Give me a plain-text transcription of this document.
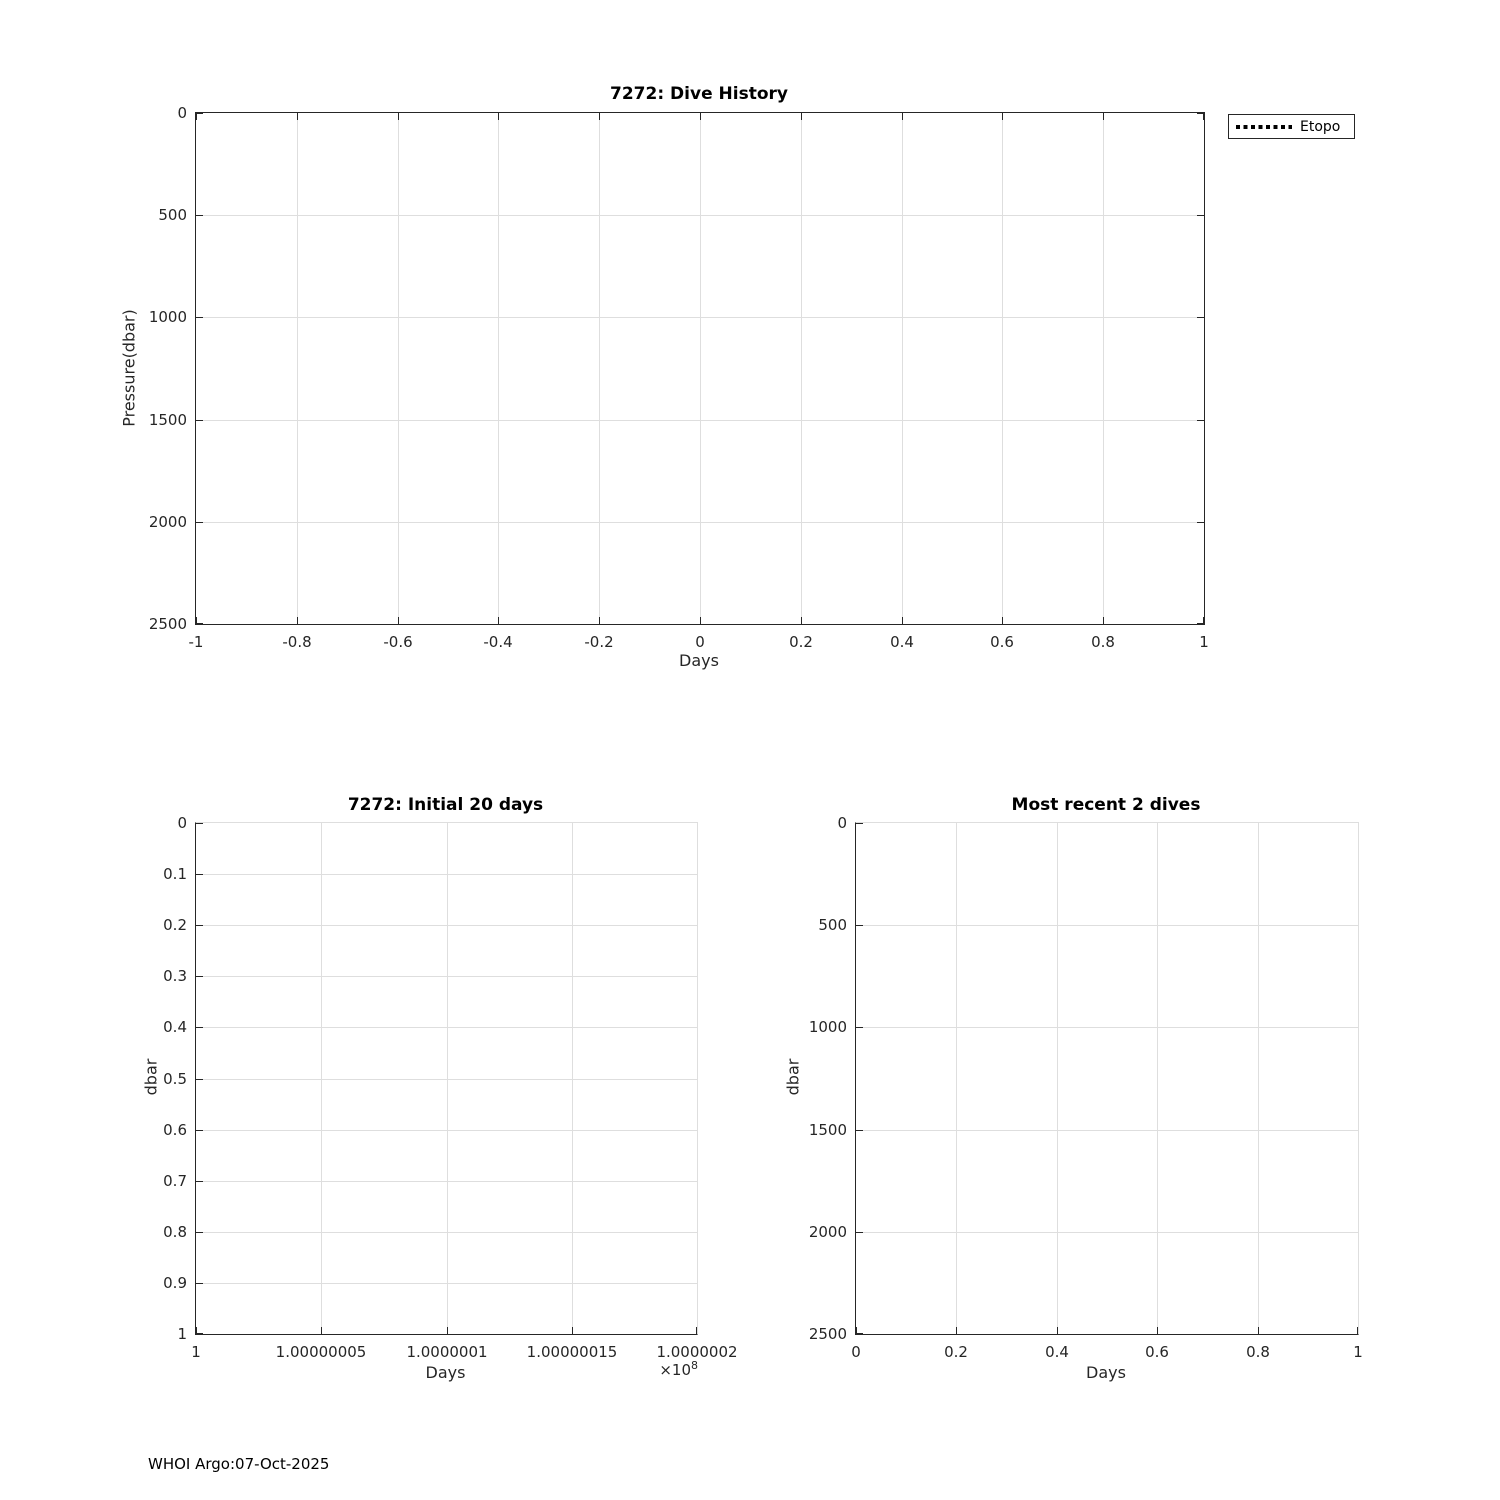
7272: Dive History
7272: Initial 20 days	Most recent 2 dives
-1	-0.8	-0.6	-0.4	-0.2	0	0.2	0.4	0.6	0.8	1
0
500
1000
1500
2000
2500
1	1.00000005	1.0000001	1.00000015	1.0000002
0
0.1
0.2
0.3
0.4
0.5
0.6
0.7
0.8
0.9
1
0	0.2	0.4	0.6	0.8	1
0
500
1000
1500
2000
2500
Pressure(dbar)
Days
dbar
Days	$\times 10^8$
dbar
Days
Etopo
WHOI Argo:07-Oct-2025
